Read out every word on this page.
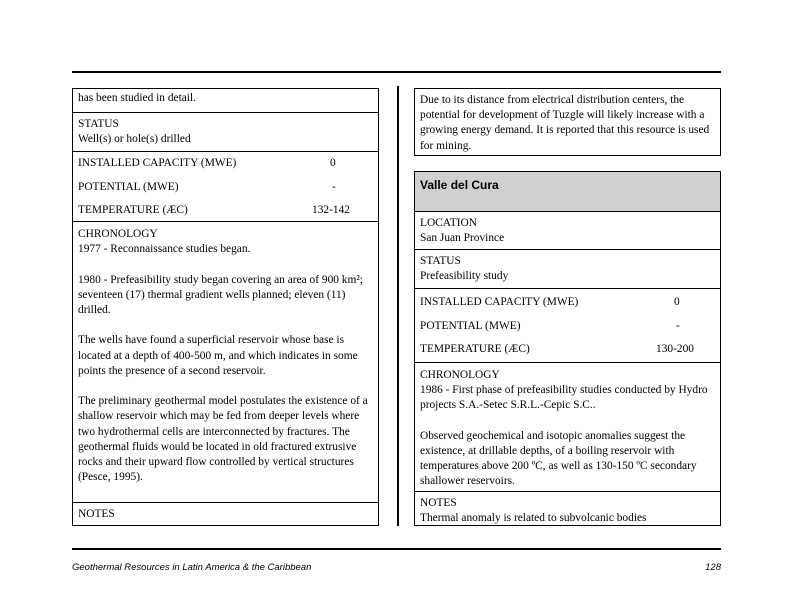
has been studied in detail.
STATUS
Well(s) or hole(s) drilled
INSTALLED CAPACITY (MWE)	0
POTENTIAL (MWE)	-
TEMPERATURE (ÆC)	132-142
CHRONOLOGY
1977 - Reconnaissance studies began.
1980 - Prefeasibility study began covering an area of 900 km²; seventeen (17) thermal gradient wells planned; eleven (11) drilled.
The wells have found a superficial reservoir whose base is located at a depth of 400-500 m, and which indicates in some points the presence of a second reservoir.
The preliminary geothermal model postulates the existence of a shallow reservoir which may be fed from deeper levels where two hydrothermal cells are interconnected by fractures. The geothermal fluids would be located in old fractured extrusive rocks and their upward flow controlled by vertical structures (Pesce, 1995).
NOTES
Due to its distance from electrical distribution centers, the potential for development of Tuzgle will likely increase with a growing energy demand. It is reported that this resource is used for mining.
Valle del Cura
LOCATION
San Juan Province
STATUS
Prefeasibility study
INSTALLED CAPACITY (MWE)	0
POTENTIAL (MWE)	-
TEMPERATURE (ÆC)	130-200
CHRONOLOGY
1986 - First phase of prefeasibility studies conducted by Hydro projects S.A.-Setec S.R.L.-Cepic S.C..
Observed geochemical and isotopic anomalies suggest the existence, at drillable depths, of a boiling reservoir with temperatures above 200 ºC, as well as 130-150 ºC secondary shallower reservoirs.
NOTES
Thermal anomaly is related to subvolcanic bodies
Geothermal Resources in Latin America & the Caribbean	128
